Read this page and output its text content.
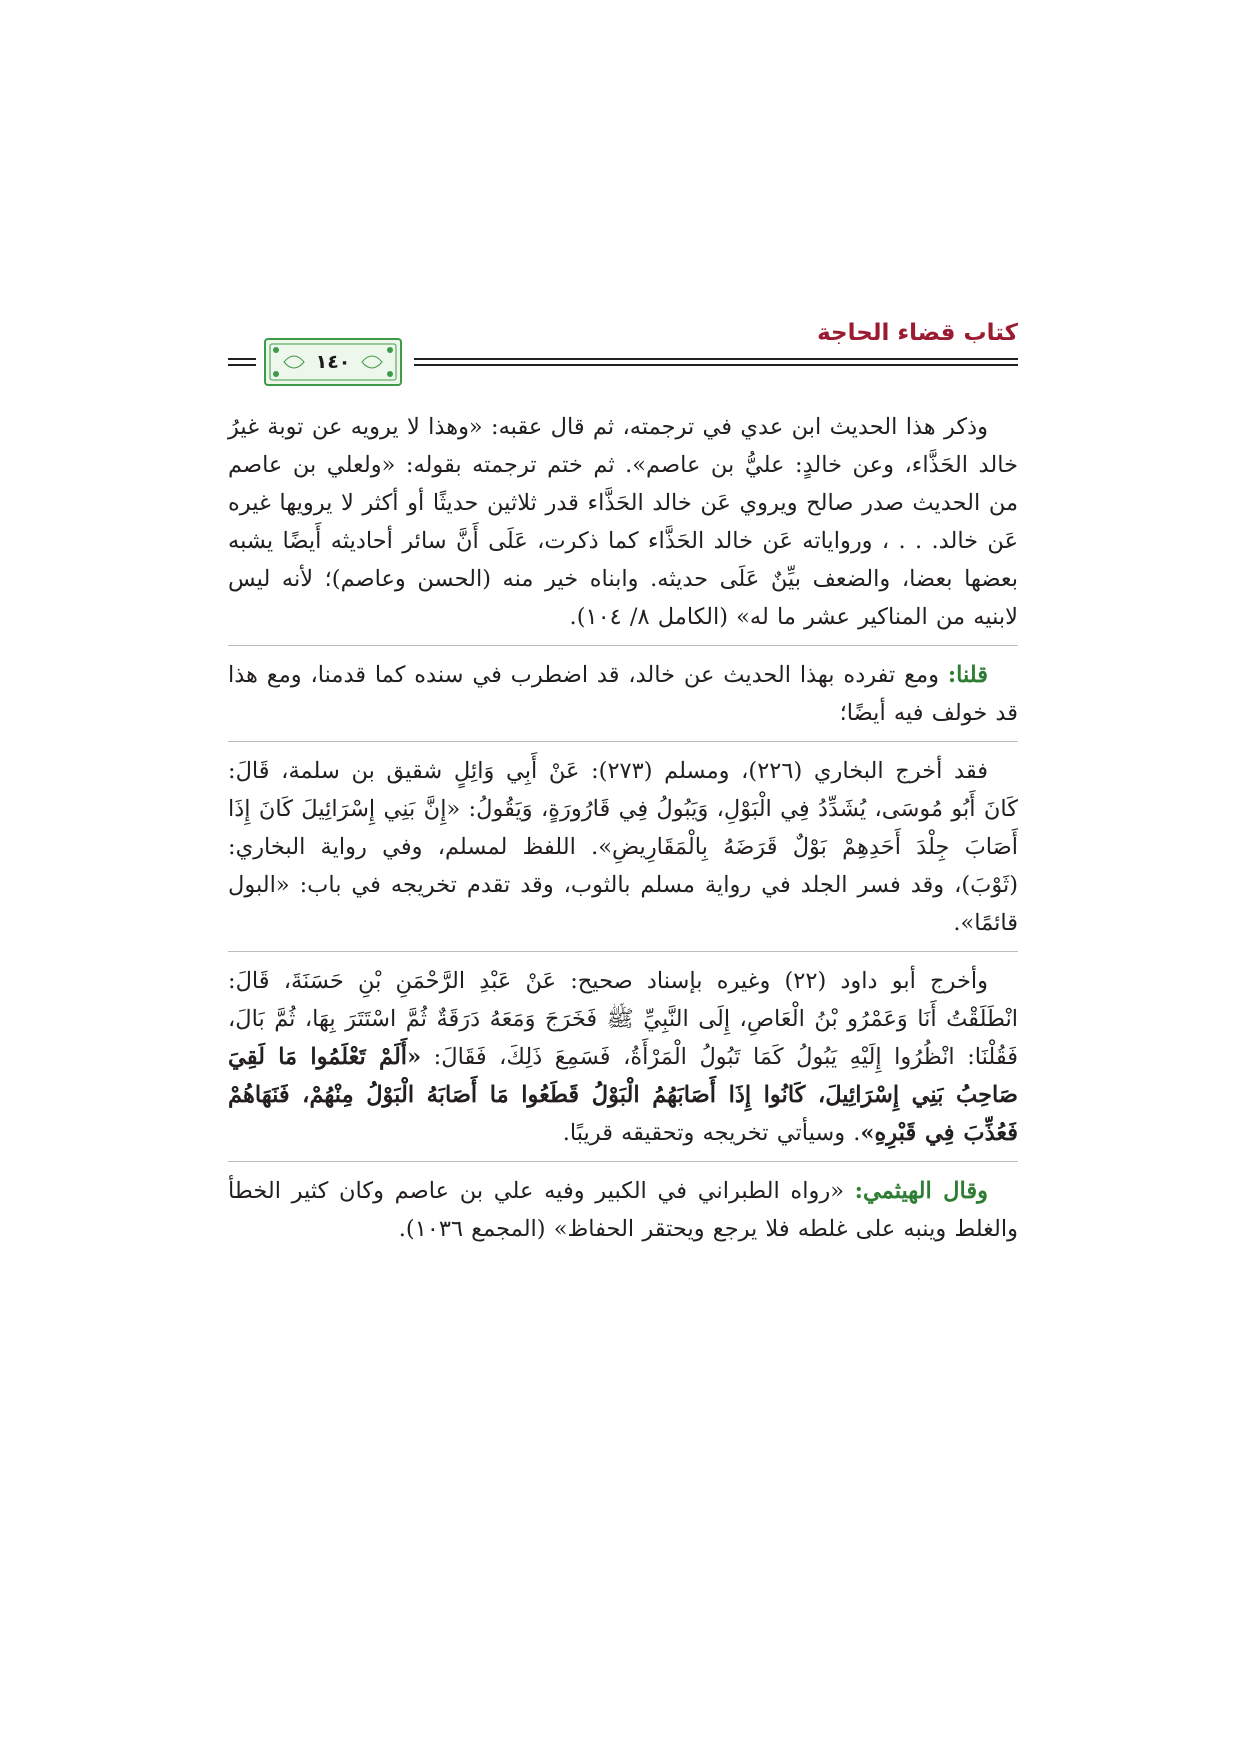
كتاب قضاء الحاجة
١٤٠

وذكر هذا الحديث ابن عدي في ترجمته، ثم قال عقبه: «وهذا لا يرويه عن توبة غيرُ خالد الحَذَّاء، وعن خالدٍ: عليُّ بن عاصم». ثم ختم ترجمته بقوله: «ولعلي بن عاصم من الحديث صدر صالح ويروي عَن خالد الحَذَّاء قدر ثلاثين حديثًا أو أكثر لا يرويها غيره عَن خالد. . . ، ورواياته عَن خالد الحَذَّاء كما ذكرت، عَلَى أَنَّ سائر أحاديثه أَيضًا يشبه بعضها بعضا، والضعف بيِّنٌ عَلَى حديثه. وابناه خير منه (الحسن وعاصم)؛ لأنه ليس لابنيه من المناكير عشر ما له» (الكامل ٨/ ١٠٤).

قلنا: ومع تفرده بهذا الحديث عن خالد، قد اضطرب في سنده كما قدمنا، ومع هذا قد خولف فيه أيضًا؛

فقد أخرج البخاري (٢٢٦)، ومسلم (٢٧٣): عَنْ أَبِي وَائِلٍ شقيق بن سلمة، قَالَ: كَانَ أَبُو مُوسَى، يُشَدِّدُ فِي الْبَوْلِ، وَيَبُولُ فِي قَارُورَةٍ، وَيَقُولُ: «إِنَّ بَنِي إِسْرَائِيلَ كَانَ إِذَا أَصَابَ جِلْدَ أَحَدِهِمْ بَوْلٌ قَرَضَهُ بِالْمَقَارِيضِ». اللفظ لمسلم، وفي رواية البخاري: (ثَوْبَ)، وقد فسر الجلد في رواية مسلم بالثوب، وقد تقدم تخريجه في باب: «البول قائمًا».

وأخرج أبو داود (٢٢) وغيره بإسناد صحيح: عَنْ عَبْدِ الرَّحْمَنِ بْنِ حَسَنَةَ، قَالَ: انْطَلَقْتُ أَنَا وَعَمْرُو بْنُ الْعَاصِ، إِلَى النَّبِيِّ ﷺ فَخَرَجَ وَمَعَهُ دَرَقَةٌ ثُمَّ اسْتَتَرَ بِهَا، ثُمَّ بَالَ، فَقُلْنَا: انْظُرُوا إِلَيْهِ يَبُولُ كَمَا تَبُولُ الْمَرْأَةُ، فَسَمِعَ ذَلِكَ، فَقَالَ: «أَلَمْ تَعْلَمُوا مَا لَقِيَ صَاحِبُ بَنِي إِسْرَائِيلَ، كَانُوا إِذَا أَصَابَهُمُ الْبَوْلُ قَطَعُوا مَا أَصَابَهُ الْبَوْلُ مِنْهُمْ، فَنَهَاهُمْ فَعُذِّبَ فِي قَبْرِهِ». وسيأتي تخريجه وتحقيقه قريبًا.

وقال الهيثمي: «رواه الطبراني في الكبير وفيه علي بن عاصم وكان كثير الخطأ والغلط وينبه على غلطه فلا يرجع ويحتقر الحفاظ» (المجمع ١٠٣٦).
